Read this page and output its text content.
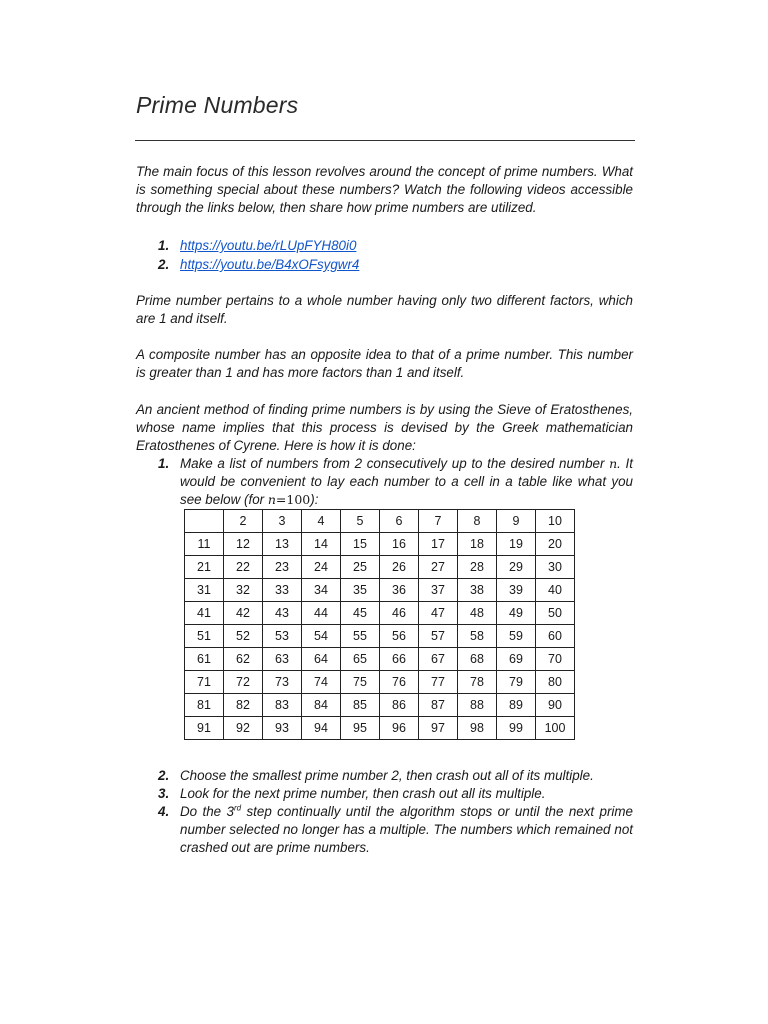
Prime Numbers

The main focus of this lesson revolves around the concept of prime numbers. What is something special about these numbers? Watch the following videos accessible through the links below, then share how prime numbers are utilized.

1. https://youtu.be/rLUpFYH80i0
2. https://youtu.be/B4xOFsygwr4

Prime number pertains to a whole number having only two different factors, which are 1 and itself.

A composite number has an opposite idea to that of a prime number. This number is greater than 1 and has more factors than 1 and itself.

An ancient method of finding prime numbers is by using the Sieve of Eratosthenes, whose name implies that this process is devised by the Greek mathematician Eratosthenes of Cyrene. Here is how it is done:

1. Make a list of numbers from 2 consecutively up to the desired number n. It would be convenient to lay each number to a cell in a table like what you see below (for n=100):
	2	3	4	5	6	7	8	9	10
11	12	13	14	15	16	17	18	19	20
21	22	23	24	25	26	27	28	29	30
31	32	33	34	35	36	37	38	39	40
41	42	43	44	45	46	47	48	49	50
51	52	53	54	55	56	57	58	59	60
61	62	63	64	65	66	67	68	69	70
71	72	73	74	75	76	77	78	79	80
81	82	83	84	85	86	87	88	89	90
91	92	93	94	95	96	97	98	99	100
2. Choose the smallest prime number 2, then crash out all of its multiple.
3. Look for the next prime number, then crash out all its multiple.
4. Do the 3rd step continually until the algorithm stops or until the next prime number selected no longer has a multiple. The numbers which remained not crashed out are prime numbers.
